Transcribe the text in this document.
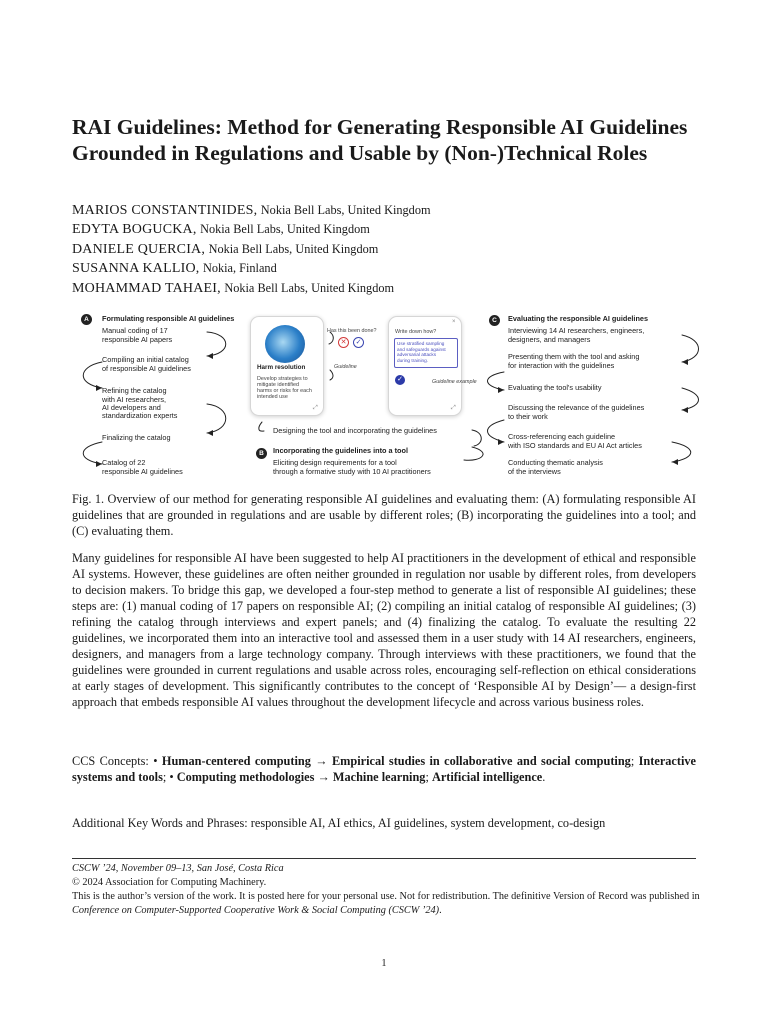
RAI Guidelines: Method for Generating Responsible AI Guidelines Grounded in Regulations and Usable by (Non-)Technical Roles
MARIOS CONSTANTINIDES, Nokia Bell Labs, United Kingdom
EDYTA BOGUCKA, Nokia Bell Labs, United Kingdom
DANIELE QUERCIA, Nokia Bell Labs, United Kingdom
SUSANNA KALLIO, Nokia, Finland
MOHAMMAD TAHAEI, Nokia Bell Labs, United Kingdom
A	Formulating responsible AI guidelines
Manual coding of 17
responsible AI papers
Compiling an initial catalog
of responsible AI guidelines
Refining the catalog
with AI researchers,
AI developers and
standardization experts
Finalizing the catalog
Catalog of 22
responsible AI guidelines
Harm resolution
Develop strategies to
mitigate identified
harms or risks for each
intended use
⤢
Has this been done?
✕	✓
Guideline
×
Write down how?
Use stratified sampling
and safeguards against
adversarial attacks
during training.
✓
⤢
Guideline example
Designing the tool and incorporating the guidelines
B	Incorporating the guidelines into a tool
Eliciting design requirements for a tool
through a formative study with 10 AI practitioners
C	Evaluating the responsible AI guidelines
Interviewing 14 AI researchers, engineers,
designers, and managers
Presenting them with the tool and asking
for interaction with the guidelines
Evaluating the tool's usability
Discussing the relevance of the guidelines
to their work
Cross-referencing each guideline
with ISO standards and EU AI Act articles
Conducting thematic analysis
of the interviews

Fig. 1. Overview of our method for generating responsible AI guidelines and evaluating them: (A) formulating responsible AI guidelines that are grounded in regulations and are usable by different roles; (B) incorporating the guidelines into a tool; and (C) evaluating them.

Many guidelines for responsible AI have been suggested to help AI practitioners in the development of ethical and responsible AI systems. However, these guidelines are often neither grounded in regulation nor usable by different roles, from developers to decision makers. To bridge this gap, we developed a four-step method to generate a list of responsible AI guidelines; these steps are: (1) manual coding of 17 papers on responsible AI; (2) compiling an initial catalog of responsible AI guidelines; (3) refining the catalog through interviews and expert panels; and (4) finalizing the catalog. To evaluate the resulting 22 guidelines, we incorporated them into an interactive tool and assessed them in a user study with 14 AI researchers, engineers, designers, and managers from a large technology company. Through interviews with these practitioners, we found that the guidelines were grounded in current regulations and usable across roles, encouraging self-reflection on ethical considerations at early stages of development. This significantly contributes to the concept of ‘Responsible AI by Design’— a design-first approach that embeds responsible AI values throughout the development lifecycle and across various business roles.

CCS Concepts: • Human-centered computing → Empirical studies in collaborative and social computing; Interactive systems and tools; • Computing methodologies → Machine learning; Artificial intelligence.

Additional Key Words and Phrases: responsible AI, AI ethics, AI guidelines, system development, co-design

CSCW ’24, November 09–13, San José, Costa Rica
© 2024 Association for Computing Machinery.
This is the author’s version of the work. It is posted here for your personal use. Not for redistribution. The definitive Version of Record was published in Conference on Computer-Supported Cooperative Work & Social Computing (CSCW ’24).
1
